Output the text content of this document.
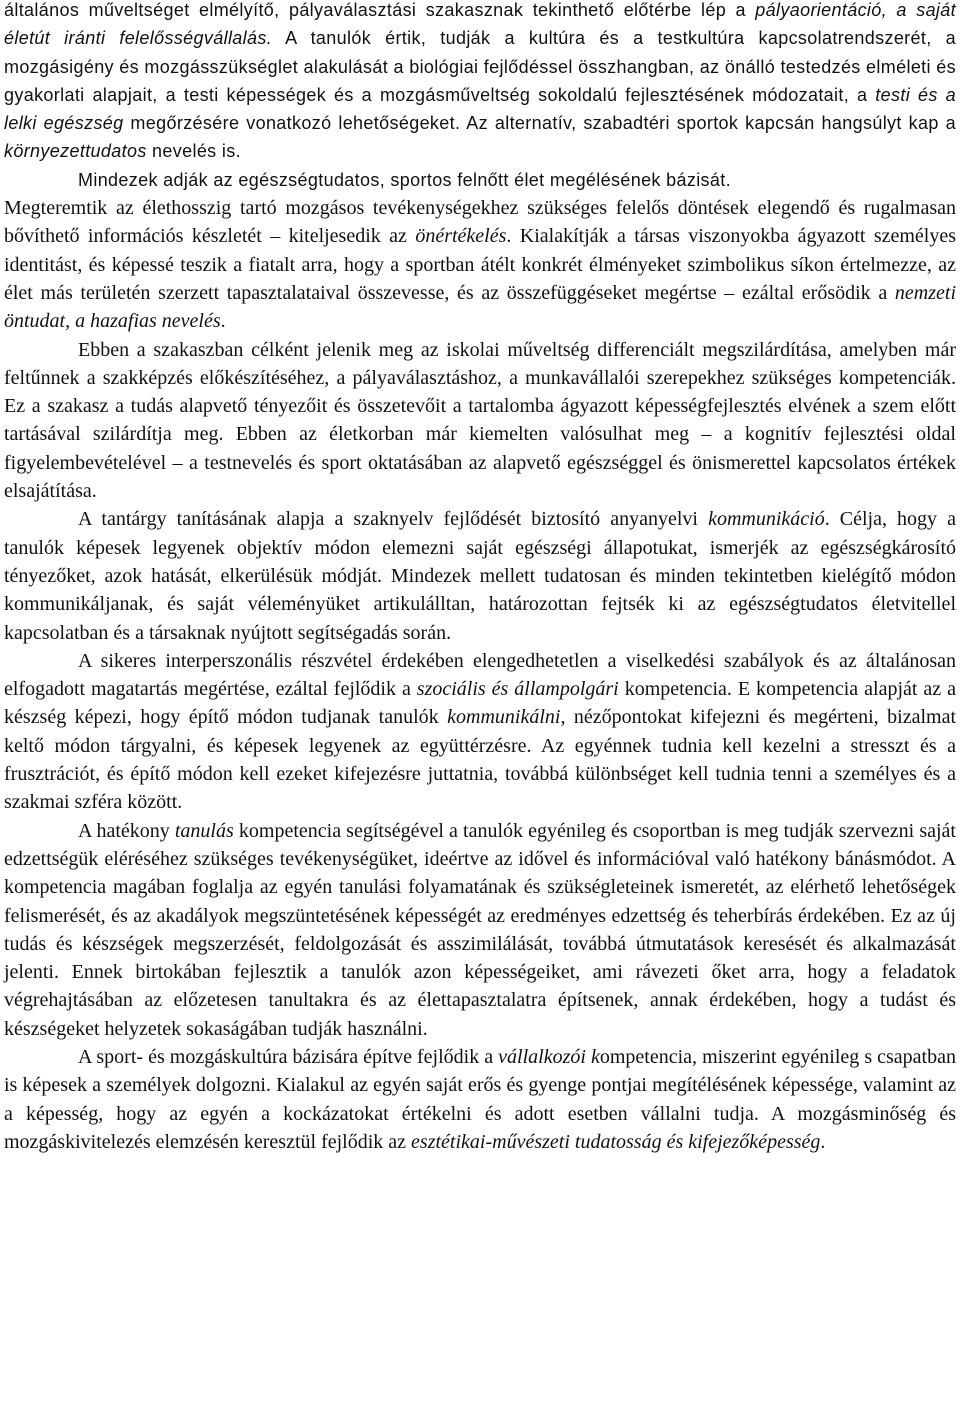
általános műveltséget elmélyítő, pályaválasztási szakasznak tekinthető előtérbe lép a pályaorientáció, a saját életút iránti felelősségvállalás. A tanulók értik, tudják a kultúra és a testkultúra kapcsolatrendszerét, a mozgásigény és mozgásszükséglet alakulását a biológiai fejlődéssel összhangban, az önálló testedzés elméleti és gyakorlati alapjait, a testi képességek és a mozgásműveltség sokoldalú fejlesztésének módozatait, a testi és a lelki egészség megőrzésére vonatkozó lehetőségeket. Az alternatív, szabadtéri sportok kapcsán hangsúlyt kap a környezettudatos nevelés is.

Mindezek adják az egészségtudatos, sportos felnőtt élet megélésének bázisát.

Megteremtik az élethosszig tartó mozgásos tevékenységekhez szükséges felelős döntések elegendő és rugalmasan bővíthető információs készletét – kiteljesedik az önértékelés. Kialakítják a társas viszonyokba ágyazott személyes identitást, és képessé teszik a fiatalt arra, hogy a sportban átélt konkrét élményeket szimbolikus síkon értelmezze, az élet más területén szerzett tapasztalataival összevesse, és az összefüggéseket megértse – ezáltal erősödik a nemzeti öntudat, a hazafias nevelés.

Ebben a szakaszban célként jelenik meg az iskolai műveltség differenciált megszilárdítása, amelyben már feltűnnek a szakképzés előkészítéséhez, a pályaválasztáshoz, a munkavállalói szerepekhez szükséges kompetenciák. Ez a szakasz a tudás alapvető tényezőit és összetevőit a tartalomba ágyazott képességfejlesztés elvének a szem előtt tartásával szilárdítja meg. Ebben az életkorban már kiemelten valósulhat meg – a kognitív fejlesztési oldal figyelembevételével – a testnevelés és sport oktatásában az alapvető egészséggel és önismerettel kapcsolatos értékek elsajátítása.

A tantárgy tanításának alapja a szaknyelv fejlődését biztosító anyanyelvi kommunikáció. Célja, hogy a tanulók képesek legyenek objektív módon elemezni saját egészségi állapotukat, ismerjék az egészségkárosító tényezőket, azok hatását, elkerülésük módját. Mindezek mellett tudatosan és minden tekintetben kielégítő módon kommunikáljanak, és saját véleményüket artikulálltan, határozottan fejtsék ki az egészségtudatos életvitellel kapcsolatban és a társaknak nyújtott segítségadás során.

A sikeres interperszonális részvétel érdekében elengedhetetlen a viselkedési szabályok és az általánosan elfogadott magatartás megértése, ezáltal fejlődik a szociális és állampolgári kompetencia. E kompetencia alapját az a készség képezi, hogy építő módon tudjanak tanulók kommunikálni, nézőpontokat kifejezni és megérteni, bizalmat keltő módon tárgyalni, és képesek legyenek az együttérzésre. Az egyénnek tudnia kell kezelni a stresszt és a frusztrációt, és építő módon kell ezeket kifejezésre juttatnia, továbbá különbséget kell tudnia tenni a személyes és a szakmai szféra között.

A hatékony tanulás kompetencia segítségével a tanulók egyénileg és csoportban is meg tudják szervezni saját edzettségük eléréséhez szükséges tevékenységüket, ideértve az idővel és információval való hatékony bánásmódot. A kompetencia magában foglalja az egyén tanulási folyamatának és szükségleteinek ismeretét, az elérhető lehetőségek felismerését, és az akadályok megszüntetésének képességét az eredményes edzettség és teherbírás érdekében. Ez az új tudás és készségek megszerzését, feldolgozását és asszimilálását, továbbá útmutatások keresését és alkalmazását jelenti. Ennek birtokában fejlesztik a tanulók azon képességeiket, ami rávezeti őket arra, hogy a feladatok végrehajtásában az előzetesen tanultakra és az élettapasztalatra építsenek, annak érdekében, hogy a tudást és készségeket helyzetek sokaságában tudják használni.

A sport- és mozgáskultúra bázisára építve fejlődik a vállalkozói kompetencia, miszerint egyénileg s csapatban is képesek a személyek dolgozni. Kialakul az egyén saját erős és gyenge pontjai megítélésének képessége, valamint az a képesség, hogy az egyén a kockázatokat értékelni és adott esetben vállalni tudja. A mozgásminőség és mozgáskivitelezés elemzésén keresztül fejlődik az esztétikai-művészeti tudatosság és kifejezőképesség.
